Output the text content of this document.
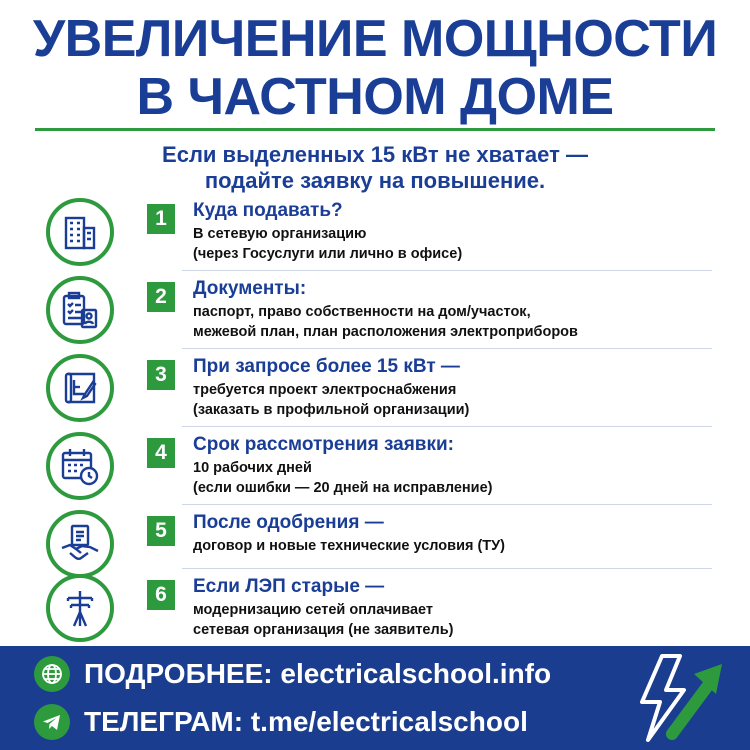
УВЕЛИЧЕНИЕ МОЩНОСТИ
В ЧАСТНОМ ДОМЕ
Если выделенных 15 кВт не хватает —
подайте заявку на повышение.
1	Куда подавать?
В сетевую организацию
(через Госуслуги или лично в офисе)
2	Документы:
паспорт, право собственности на дом/участок,
межевой план, план расположения электроприборов
3	При запросе более 15 кВт —
требуется проект электроснабжения
(заказать в профильной организации)
4	Срок рассмотрения заявки:
10 рабочих дней
(если ошибки — 20 дней на исправление)
5	После одобрения —
договор и новые технические условия (ТУ)
6	Если ЛЭП старые —
модернизацию сетей оплачивает
сетевая организация (не заявитель)
ПОДРОБНЕЕ: electricalschool.info
ТЕЛЕГРАМ: t.me/electricalschool
